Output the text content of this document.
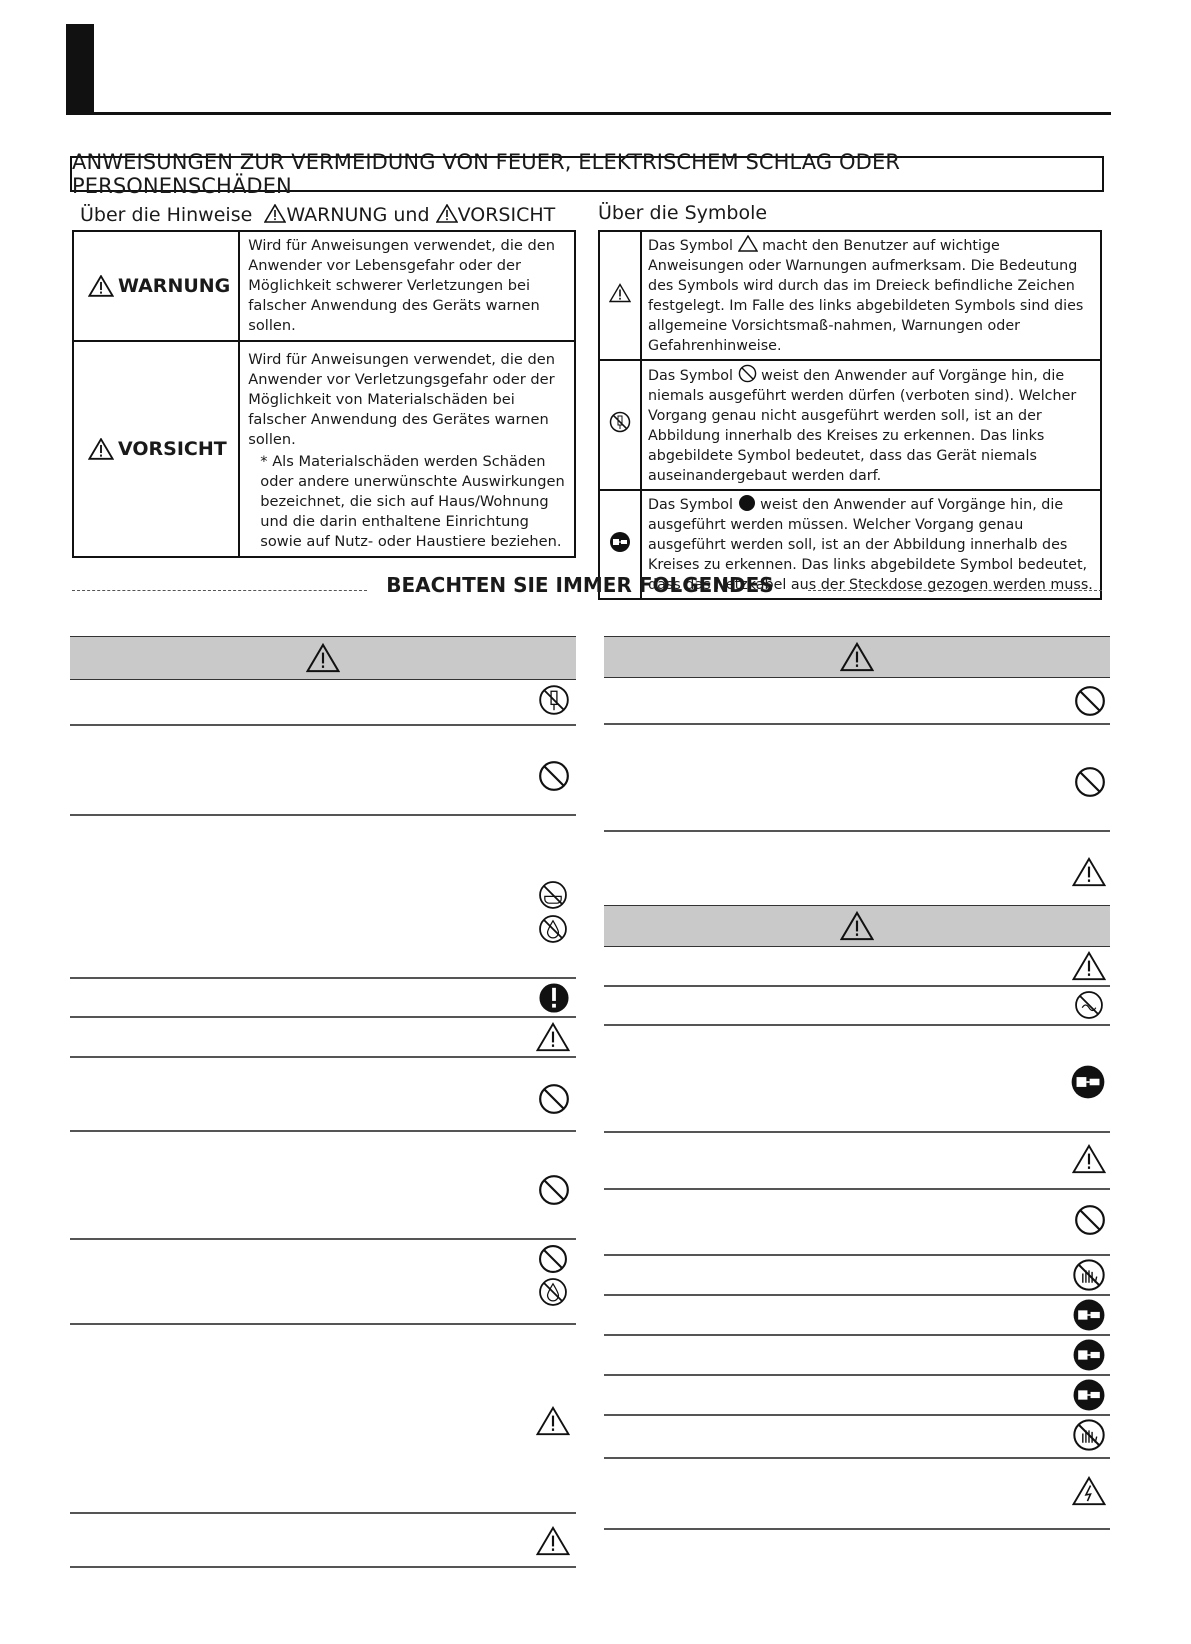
ANWEISUNGEN ZUR VERMEIDUNG VON FEUER, ELEKTRISCHEM SCHLAG ODER PERSONENSCHÄDEN
Über die Hinweise WARNUNG und VORSICHT Über die Symbole
WARNUNG	Wird für Anweisungen verwendet, die den Anwender vor Lebensgefahr oder der Möglichkeit schwerer Verletzungen bei falscher Anwendung des Geräts warnen sollen.

VORSICHT	Wird für Anweisungen verwendet, die den Anwender vor Verletzungsgefahr oder der Möglichkeit von Materialschäden bei falscher Anwendung des Gerätes warnen sollen.
* Als Materialschäden werden Schäden oder andere unerwünschte Auswirkungen bezeichnet, die sich auf Haus/Wohnung und die darin enthaltene Einrichtung sowie auf Nutz- oder Haustiere beziehen.
	Das Symbol macht den Benutzer auf wichtige Anweisungen oder Warnungen aufmerksam. Die Bedeutung des Symbols wird durch das im Dreieck befindliche Zeichen festgelegt. Im Falle des links abgebildeten Symbols sind dies allgemeine Vorsichtsmaß-nahmen, Warnungen oder Gefahrenhinweise.
	Das Symbol weist den Anwender auf Vorgänge hin, die niemals ausgeführt werden dürfen (verboten sind). Welcher Vorgang genau nicht ausgeführt werden soll, ist an der Abbildung innerhalb des Kreises zu erkennen. Das links abgebildete Symbol bedeutet, dass das Gerät niemals auseinandergebaut werden darf.
	Das Symbol weist den Anwender auf Vorgänge hin, die ausgeführt werden müssen. Welcher Vorgang genau ausgeführt werden soll, ist an der Abbildung innerhalb des Kreises zu erkennen. Das links abgebildete Symbol bedeutet, dass das Netzkabel aus der Steckdose gezogen werden muss.
BEACHTEN SIE IMMER FOLGENDES
